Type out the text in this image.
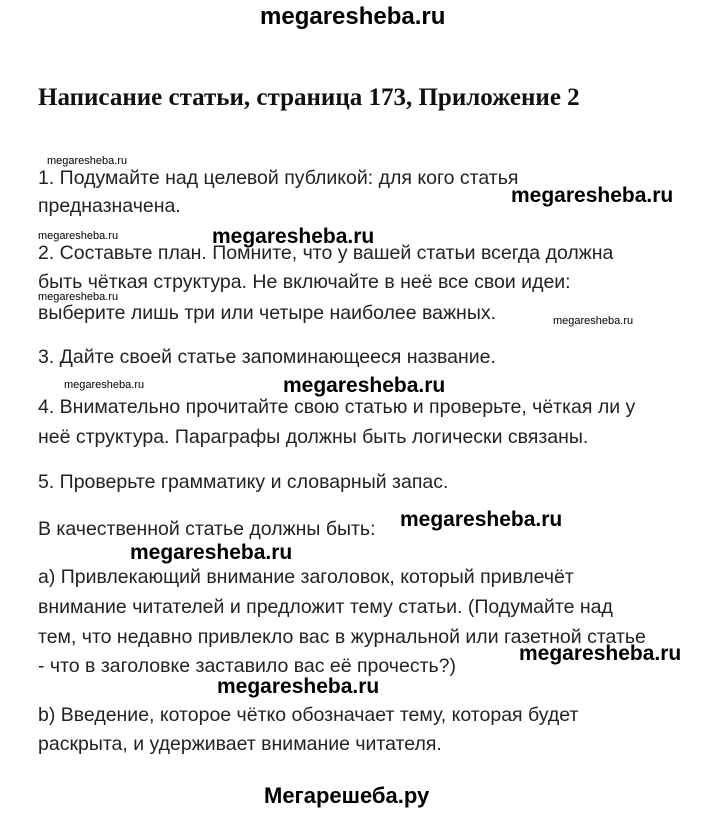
megaresheba.ru
Написание статьи, страница 173, Приложение 2
megaresheba.ru
1. Подумайте над целевой публикой: для кого статья
megaresheba.ru
предназначена.
megaresheba.ru
megaresheba.ru
2. Составьте план. Помните, что у вашей статьи всегда должна
быть чёткая структура. Не включайте в неё все свои идеи:
megaresheba.ru
выберите лишь три или четыре наиболее важных.	megaresheba.ru
3. Дайте своей статье запоминающееся название.
megaresheba.ru	megaresheba.ru
4. Внимательно прочитайте свою статью и проверьте, чёткая ли у
неё структура. Параграфы должны быть логически связаны.
5. Проверьте грамматику и словарный запас.
В качественной статье должны быть: megaresheba.ru
megaresheba.ru
a) Привлекающий внимание заголовок, который привлечёт
внимание читателей и предложит тему статьи. (Подумайте над
тем, что недавно привлекло вас в журнальной или газетной статье
megaresheba.ru
- что в заголовке заставило вас её прочесть?)
megaresheba.ru
b) Введение, которое чётко обозначает тему, которая будет
раскрыта, и удерживает внимание читателя.
Мегарешеба.ру
